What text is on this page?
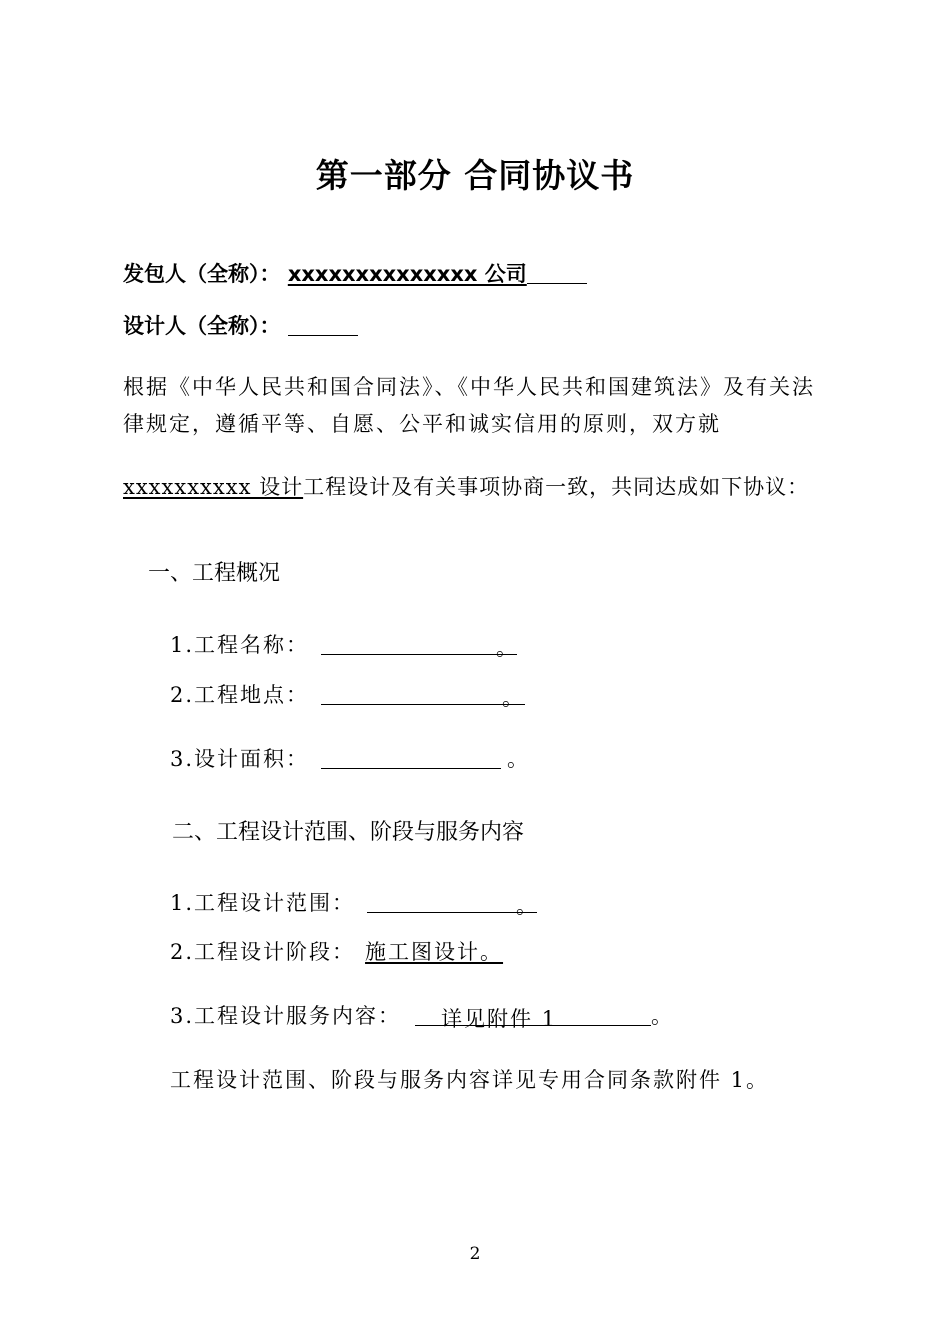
第一部分 合同协议书
发包人（全称）： xxxxxxxxxxxxxx 公司
设计人（全称）：
根据《中华人民共和国合同法》、《中华人民共和国建筑法》及有关法
律规定，遵循平等、自愿、公平和诚实信用的原则，双方就
xxxxxxxxxx 设计工程设计及有关事项协商一致，共同达成如下协议：
一、工程概况
1.工程名称：	。
2.工程地点：	。
3.设计面积：	。
二、工程设计范围、阶段与服务内容
1.工程设计范围：	。
2.工程设计阶段： 施工图设计。
3.工程设计服务内容： 详见附件 1	。
工程设计范围、阶段与服务内容详见专用合同条款附件 1。
2
